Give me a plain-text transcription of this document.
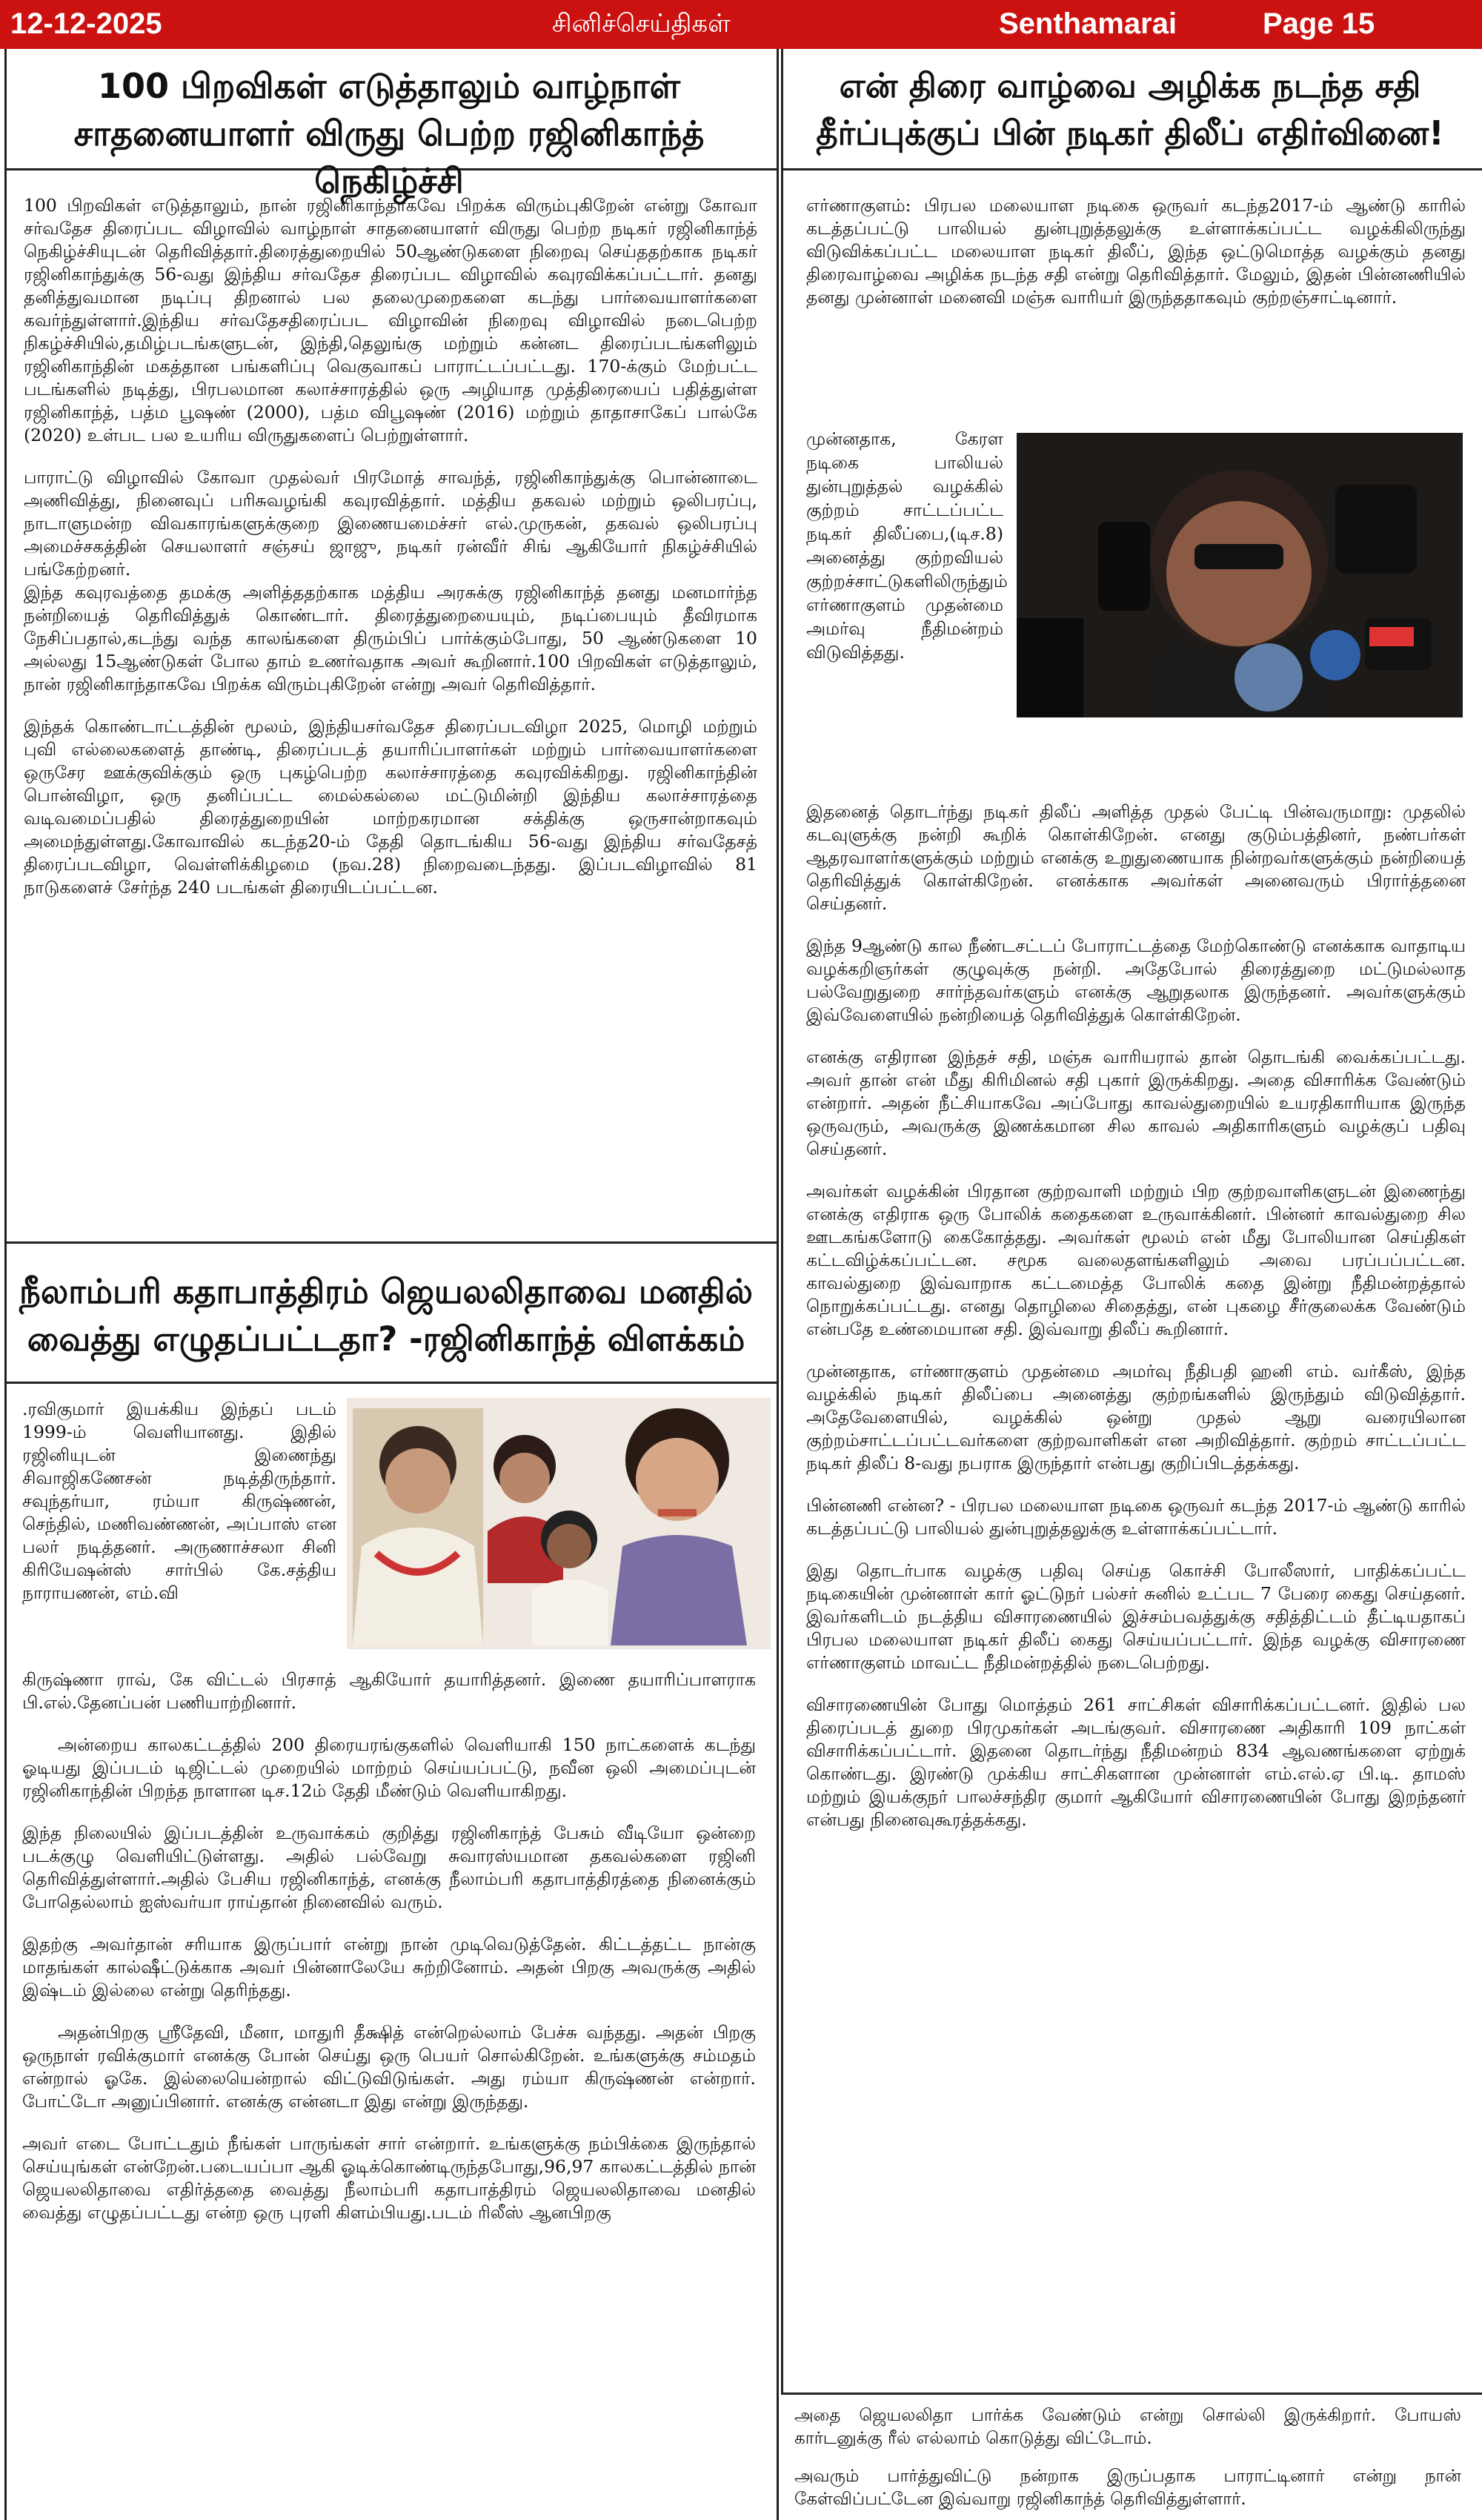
12-12-2025	சினிச்செய்திகள்	Senthamarai	Page 15
100 பிறவிகள் எடுத்தாலும் வாழ்நாள் சாதனையாளர் விருது பெற்ற ரஜினிகாந்த் நெகிழ்ச்சி

100 பிறவிகள் எடுத்தாலும், நான் ரஜினிகாந்தாகவே பிறக்க விரும்புகிறேன் என்று கோவா சர்வதேச திரைப்பட விழாவில் வாழ்நாள் சாதனையாளர் விருது பெற்ற நடிகர் ரஜினிகாந்த் நெகிழ்ச்சியுடன் தெரிவித்தார்.திரைத்துறையில் 50ஆண்டுகளை நிறைவு செய்ததற்காக நடிகர் ரஜினிகாந்துக்கு 56-வது இந்திய சர்வதேச திரைப்பட விழாவில் கவுரவிக்கப்பட்டார். தனது தனித்துவமான நடிப்பு திறனால் பல தலைமுறைகளை கடந்து பார்வையாளர்களை கவர்ந்துள்ளார்.இந்திய சர்வதேசதிரைப்பட விழாவின் நிறைவு விழாவில் நடைபெற்ற நிகழ்ச்சியில்,தமிழ்படங்களுடன், இந்தி,தெலுங்கு மற்றும் கன்னட திரைப்படங்களிலும் ரஜினிகாந்தின் மகத்தான பங்களிப்பு வெகுவாகப் பாராட்டப்பட்டது. 170-க்கும் மேற்பட்ட படங்களில் நடித்து, பிரபலமான கலாச்சாரத்தில் ஒரு அழியாத முத்திரையைப் பதித்துள்ள ரஜினிகாந்த், பத்ம பூஷண் (2000), பத்ம விபூஷண் (2016) மற்றும் தாதாசாகேப் பால்கே (2020) உள்பட பல உயரிய விருதுகளைப் பெற்றுள்ளார்.

பாராட்டு விழாவில் கோவா முதல்வர் பிரமோத் சாவந்த், ரஜினிகாந்துக்கு பொன்னாடை அணிவித்து, நினைவுப் பரிசுவழங்கி கவுரவித்தார். மத்திய தகவல் மற்றும் ஒலிபரப்பு, நாடாளுமன்ற விவகாரங்களுக்குறை இணையமைச்சர் எல்.முருகன், தகவல் ஒலிபரப்பு அமைச்சகத்தின் செயலாளர் சஞ்சய் ஜாஜு, நடிகர் ரன்வீர் சிங் ஆகியோர் நிகழ்ச்சியில் பங்கேற்றனர்.

இந்த கவுரவத்தை தமக்கு அளித்ததற்காக மத்திய அரசுக்கு ரஜினிகாந்த் தனது மனமார்ந்த நன்றியைத் தெரிவித்துக் கொண்டார். திரைத்துறையையும், நடிப்பையும் தீவிரமாக நேசிப்பதால்,கடந்து வந்த காலங்களை திரும்பிப் பார்க்கும்போது, 50 ஆண்டுகளை 10 அல்லது 15ஆண்டுகள் போல தாம் உணர்வதாக அவர் கூறினார்.100 பிறவிகள் எடுத்தாலும், நான் ரஜினிகாந்தாகவே பிறக்க விரும்புகிறேன் என்று அவர் தெரிவித்தார்.

இந்தக் கொண்டாட்டத்தின் மூலம், இந்தியசர்வதேச திரைப்படவிழா 2025, மொழி மற்றும் புவி எல்லைகளைத் தாண்டி, திரைப்படத் தயாரிப்பாளர்கள் மற்றும் பார்வையாளர்களை ஒருசேர ஊக்குவிக்கும் ஒரு புகழ்பெற்ற கலாச்சாரத்தை கவுரவிக்கிறது. ரஜினிகாந்தின் பொன்விழா, ஒரு தனிப்பட்ட மைல்கல்லை மட்டுமின்றி இந்திய கலாச்சாரத்தை வடிவமைப்பதில் திரைத்துறையின் மாற்றகரமான சக்திக்கு ஒருசான்றாகவும் அமைந்துள்ளது.கோவாவில் கடந்த20-ம் தேதி தொடங்கிய 56-வது இந்திய சர்வதேசத் திரைப்படவிழா, வெள்ளிக்கிழமை (நவ.28) நிறைவடைந்தது. இப்படவிழாவில் 81 நாடுகளைச் சேர்ந்த 240 படங்கள் திரையிடப்பட்டன.

நீலாம்பரி கதாபாத்திரம் ஜெயலலிதாவை மனதில் வைத்து எழுதப்பட்டதா? -ரஜினிகாந்த் விளக்கம்

.ரவிகுமார் இயக்கிய இந்தப் படம் 1999-ம் வெளியானது. இதில் ரஜினியுடன் இணைந்து சிவாஜிகணேசன் நடித்திருந்தார். சவுந்தர்யா, ரம்யா கிருஷ்ணன், செந்தில், மணிவண்ணன், அப்பாஸ் என பலர் நடித்தனர். அருணாச்சலா சினி கிரியேஷன்ஸ் சார்பில் கே.சத்திய நாராயணன், எம்.வி

கிருஷ்ணா ராவ், கே விட்டல் பிரசாத் ஆகியோர் தயாரித்தனர். இணை தயாரிப்பாளராக பி.எல்.தேனப்பன் பணியாற்றினார்.

அன்றைய காலகட்டத்தில் 200 திரையரங்குகளில் வெளியாகி 150 நாட்களைக் கடந்து ஓடியது இப்படம் டிஜிட்டல் முறையில் மாற்றம் செய்யப்பட்டு, நவீன ஒலி அமைப்புடன் ரஜினிகாந்தின் பிறந்த நாளான டிச.12ம் தேதி மீண்டும் வெளியாகிறது.

இந்த நிலையில் இப்படத்தின் உருவாக்கம் குறித்து ரஜினிகாந்த் பேசும் வீடியோ ஒன்றை படக்குழு வெளியிட்டுள்ளது. அதில் பல்வேறு சுவாரஸ்யமான தகவல்களை ரஜினி தெரிவித்துள்ளார்.அதில் பேசிய ரஜினிகாந்த், எனக்கு நீலாம்பரி கதாபாத்திரத்தை நினைக்கும் போதெல்லாம் ஐஸ்வர்யா ராய்தான் நினைவில் வரும்.

இதற்கு அவர்தான் சரியாக இருப்பார் என்று நான் முடிவெடுத்தேன். கிட்டத்தட்ட நான்கு மாதங்கள் கால்ஷீட்டுக்காக அவர் பின்னாலேயே சுற்றினோம். அதன் பிறகு அவருக்கு அதில் இஷ்டம் இல்லை என்று தெரிந்தது.

அதன்பிறகு ஸ்ரீதேவி, மீனா, மாதுரி தீக்ஷித் என்றெல்லாம் பேச்சு வந்தது. அதன் பிறகு ஒருநாள் ரவிக்குமார் எனக்கு போன் செய்து ஒரு பெயர் சொல்கிறேன். உங்களுக்கு சம்மதம் என்றால் ஓகே. இல்லையென்றால் விட்டுவிடுங்கள். அது ரம்யா கிருஷ்ணன் என்றார். போட்டோ அனுப்பினார். எனக்கு என்னடா இது என்று இருந்தது.

அவர் எடை போட்டதும் நீங்கள் பாருங்கள் சார் என்றார். உங்களுக்கு நம்பிக்கை இருந்தால் செய்யுங்கள் என்றேன்.படையப்பா ஆகி ஓடிக்கொண்டிருந்தபோது,96,97 காலகட்டத்தில் நான் ஜெயலலிதாவை எதிர்த்ததை வைத்து நீலாம்பரி கதாபாத்திரம் ஜெயலலிதாவை மனதில் வைத்து எழுதப்பட்டது என்ற ஒரு புரளி கிளம்பியது.படம் ரிலீஸ் ஆனபிறகு

என் திரை வாழ்வை அழிக்க நடந்த சதி தீர்ப்புக்குப் பின் நடிகர் திலீப் எதிர்வினை!

எர்ணாகுளம்: பிரபல மலையாள நடிகை ஒருவர் கடந்த2017-ம் ஆண்டு காரில் கடத்தப்பட்டு பாலியல் துன்புறுத்தலுக்கு உள்ளாக்கப்பட்ட வழக்கிலிருந்து விடுவிக்கப்பட்ட மலையாள நடிகர் திலீப், இந்த ஒட்டுமொத்த வழக்கும் தனது திரைவாழ்வை அழிக்க நடந்த சதி என்று தெரிவித்தார். மேலும், இதன் பின்னணியில் தனது முன்னாள் மனைவி மஞ்சு வாரியர் இருந்ததாகவும் குற்றஞ்சாட்டினார்.

முன்னதாக, கேரள நடிகை பாலியல் துன்புறுத்தல் வழக்கில் குற்றம் சாட்டப்பட்ட நடிகர் திலீப்பை,(டிச.8) அனைத்து குற்றவியல் குற்றச்சாட்டுகளிலிருந்தும் எர்ணாகுளம் முதன்மை அமர்வு நீதிமன்றம் விடுவித்தது.

இதனைத் தொடர்ந்து நடிகர் திலீப் அளித்த முதல் பேட்டி பின்வருமாறு: முதலில் கடவுளுக்கு நன்றி கூறிக் கொள்கிறேன். எனது குடும்பத்தினர், நண்பர்கள் ஆதரவாளர்களுக்கும் மற்றும் எனக்கு உறுதுணையாக நின்றவர்களுக்கும் நன்றியைத் தெரிவித்துக் கொள்கிறேன். எனக்காக அவர்கள் அனைவரும் பிரார்த்தனை செய்தனர்.

இந்த 9ஆண்டு கால நீண்டசட்டப் போராட்டத்தை மேற்கொண்டு எனக்காக வாதாடிய வழக்கறிஞர்கள் குழுவுக்கு நன்றி. அதேபோல் திரைத்துறை மட்டுமல்லாத பல்வேறுதுறை சார்ந்தவர்களும் எனக்கு ஆறுதலாக இருந்தனர். அவர்களுக்கும் இவ்வேளையில் நன்றியைத் தெரிவித்துக் கொள்கிறேன்.

எனக்கு எதிரான இந்தச் சதி, மஞ்சு வாரியரால் தான் தொடங்கி வைக்கப்பட்டது. அவர் தான் என் மீது கிரிமினல் சதி புகார் இருக்கிறது. அதை விசாரிக்க வேண்டும் என்றார். அதன் நீட்சியாகவே அப்போது காவல்துறையில் உயரதிகாரியாக இருந்த ஒருவரும், அவருக்கு இணக்கமான சில காவல் அதிகாரிகளும் வழக்குப் பதிவு செய்தனர்.

அவர்கள் வழக்கின் பிரதான குற்றவாளி மற்றும் பிற குற்றவாளிகளுடன் இணைந்து எனக்கு எதிராக ஒரு போலிக் கதைகளை உருவாக்கினர். பின்னர் காவல்துறை சில ஊடகங்களோடு கைகோத்தது. அவர்கள் மூலம் என் மீது போலியான செய்திகள் கட்டவிழ்க்கப்பட்டன. சமூக வலைதளங்களிலும் அவை பரப்பப்பட்டன. காவல்துறை இவ்வாறாக கட்டமைத்த போலிக் கதை இன்று நீதிமன்றத்தால் நொறுக்கப்பட்டது. எனது தொழிலை சிதைத்து, என் புகழை சீர்குலைக்க வேண்டும் என்பதே உண்மையான சதி. இவ்வாறு திலீப் கூறினார்.

முன்னதாக, எர்ணாகுளம் முதன்மை அமர்வு நீதிபதி ஹனி எம். வர்கீஸ், இந்த வழக்கில் நடிகர் திலீப்பை அனைத்து குற்றங்களில் இருந்தும் விடுவித்தார். அதேவேளையில், வழக்கில் ஒன்று முதல் ஆறு வரையிலான குற்றம்சாட்டப்பட்டவர்களை குற்றவாளிகள் என அறிவித்தார். குற்றம் சாட்டப்பட்ட நடிகர் திலீப் 8-வது நபராக இருந்தார் என்பது குறிப்பிடத்தக்கது.

பின்னணி என்ன? - பிரபல மலையாள நடிகை ஒருவர் கடந்த 2017-ம் ஆண்டு காரில் கடத்தப்பட்டு பாலியல் துன்புறுத்தலுக்கு உள்ளாக்கப்பட்டார்.

இது தொடர்பாக வழக்கு பதிவு செய்த கொச்சி போலீஸார், பாதிக்கப்பட்ட நடிகையின் முன்னாள் கார் ஓட்டுநர் பல்சர் சுனில் உட்பட 7 பேரை கைது செய்தனர். இவர்களிடம் நடத்திய விசாரணையில் இச்சம்பவத்துக்கு சதித்திட்டம் தீட்டியதாகப் பிரபல மலையாள நடிகர் திலீப் கைது செய்யப்பட்டார். இந்த வழக்கு விசாரணை எர்ணாகுளம் மாவட்ட நீதிமன்றத்தில் நடைபெற்றது.

விசாரணையின் போது மொத்தம் 261 சாட்சிகள் விசாரிக்கப்பட்டனர். இதில் பல திரைப்படத் துறை பிரமுகர்கள் அடங்குவர். விசாரணை அதிகாரி 109 நாட்கள் விசாரிக்கப்பட்டார். இதனை தொடர்ந்து நீதிமன்றம் 834 ஆவணங்களை ஏற்றுக் கொண்டது. இரண்டு முக்கிய சாட்சிகளான முன்னாள் எம்.எல்.ஏ பி.டி. தாமஸ் மற்றும் இயக்குநர் பாலச்சந்திர குமார் ஆகியோர் விசாரணையின் போது இறந்தனர் என்பது நினைவுகூரத்தக்கது.

அதை ஜெயலலிதா பார்க்க வேண்டும் என்று சொல்லி இருக்கிறார். போயஸ் கார்டனுக்கு ரீல் எல்லாம் கொடுத்து விட்டோம்.

அவரும் பார்த்துவிட்டு நன்றாக இருப்பதாக பாராட்டினார் என்று நான் கேள்விப்பட்டேன இவ்வாறு ரஜினிகாந்த் தெரிவித்துள்ளார்.
